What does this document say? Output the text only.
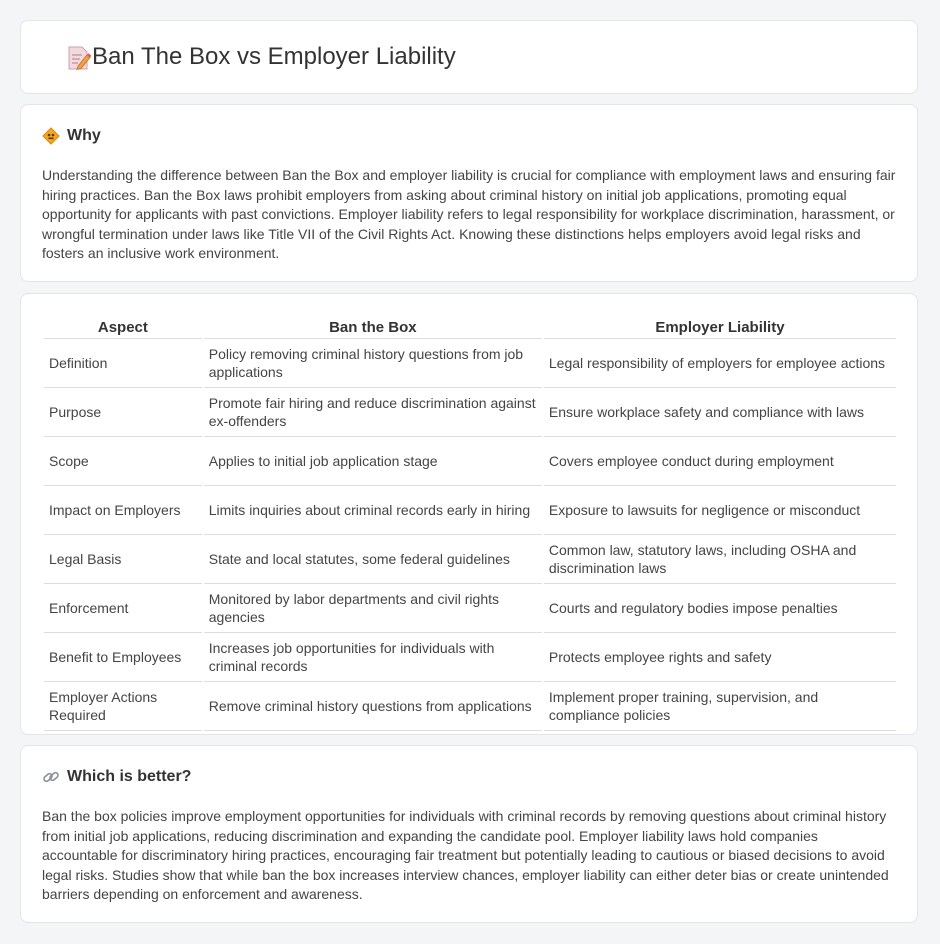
Ban The Box vs Employer Liability
Why

Understanding the difference between Ban the Box and employer liability is crucial for compliance with employment laws and ensuring fair hiring practices. Ban the Box laws prohibit employers from asking about criminal history on initial job applications, promoting equal opportunity for applicants with past convictions. Employer liability refers to legal responsibility for workplace discrimination, harassment, or wrongful termination under laws like Title VII of the Civil Rights Act. Knowing these distinctions helps employers avoid legal risks and fosters an inclusive work environment.

Aspect	Ban the Box	Employer Liability
Definition	Policy removing criminal history questions from job applications	Legal responsibility of employers for employee actions
Purpose	Promote fair hiring and reduce discrimination against ex-offenders	Ensure workplace safety and compliance with laws
Scope	Applies to initial job application stage	Covers employee conduct during employment
Impact on Employers	Limits inquiries about criminal records early in hiring	Exposure to lawsuits for negligence or misconduct
Legal Basis	State and local statutes, some federal guidelines	Common law, statutory laws, including OSHA and discrimination laws
Enforcement	Monitored by labor departments and civil rights agencies	Courts and regulatory bodies impose penalties
Benefit to Employees	Increases job opportunities for individuals with criminal records	Protects employee rights and safety
Employer Actions Required	Remove criminal history questions from applications	Implement proper training, supervision, and compliance policies
Which is better?

Ban the box policies improve employment opportunities for individuals with criminal records by removing questions about criminal history from initial job applications, reducing discrimination and expanding the candidate pool. Employer liability laws hold companies accountable for discriminatory hiring practices, encouraging fair treatment but potentially leading to cautious or biased decisions to avoid legal risks. Studies show that while ban the box increases interview chances, employer liability can either deter bias or create unintended barriers depending on enforcement and awareness.
